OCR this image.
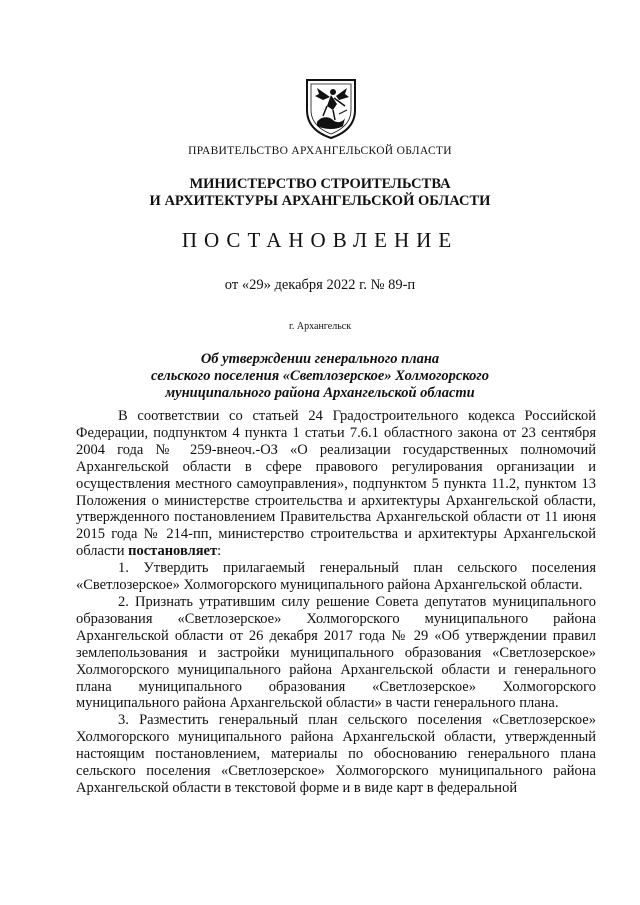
ПРАВИТЕЛЬСТВО АРХАНГЕЛЬСКОЙ ОБЛАСТИ
МИНИСТЕРСТВО СТРОИТЕЛЬСТВА
И АРХИТЕКТУРЫ АРХАНГЕЛЬСКОЙ ОБЛАСТИ
ПОСТАНОВЛЕНИЕ
от «29» декабря 2022 г. № 89-п
г. Архангельск
Об утверждении генерального плана
сельского поселения «Светлозерское» Холмогорского
муниципального района Архангельской области

В соответствии со статьей 24 Градостроительного кодекса Российской Федерации, подпунктом 4 пункта 1 статьи 7.6.1 областного закона от 23 сентября 2004 года № 259-внеоч.-ОЗ «О реализации государственных полномочий Архангельской области в сфере правового регулирования организации и осуществления местного самоуправления», подпунктом 5 пункта 11.2, пунктом 13 Положения о министерстве строительства и архитектуры Архангельской области, утвержденного постановлением Правительства Архангельской области от 11 июня 2015 года № 214-пп, министерство строительства и архитектуры Архангельской области постановляет:

1. Утвердить прилагаемый генеральный план сельского поселения «Светлозерское» Холмогорского муниципального района Архангельской области.

2. Признать утратившим силу решение Совета депутатов муниципального образования «Светлозерское» Холмогорского муниципального района Архангельской области от 26 декабря 2017 года № 29 «Об утверждении правил землепользования и застройки муниципального образования «Светлозерское» Холмогорского муниципального района Архангельской области и генерального плана муниципального образования «Светлозерское» Холмогорского муниципального района Архангельской области» в части генерального плана.

3. Разместить генеральный план сельского поселения «Светлозерское» Холмогорского муниципального района Архангельской области, утвержденный настоящим постановлением, материалы по обоснованию генерального плана сельского поселения «Светлозерское» Холмогорского муниципального района Архангельской области в текстовой форме и в виде карт в федеральной
